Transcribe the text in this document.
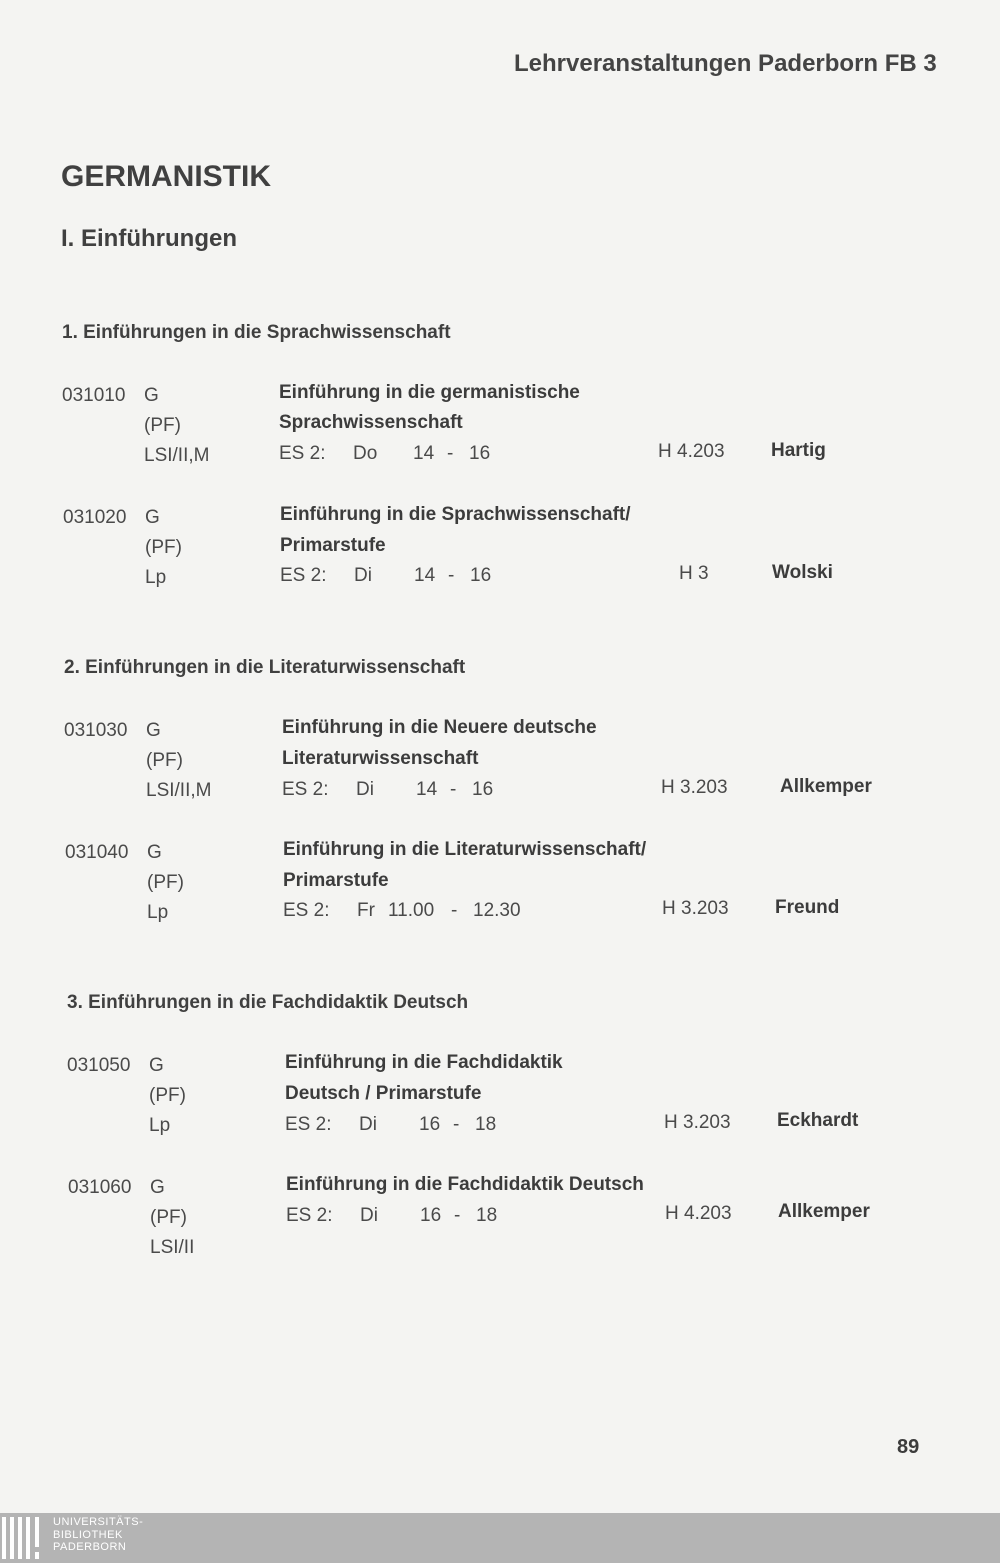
Lehrveranstaltungen Paderborn FB 3
GERMANISTIK
I. Einführungen
1. Einführungen in die Sprachwissenschaft
031010 G
(PF)
LSI/II,M
Einführung in die germanistische
Sprachwissenschaft
ES 2: Do 14 - 16	H 4.203 Hartig
031020 G
(PF)
Lp
Einführung in die Sprachwissenschaft/
Primarstufe
ES 2: Di 14 - 16	H 3	Wolski
2. Einführungen in die Literaturwissenschaft
031030 G
(PF)
LSI/II,M
Einführung in die Neuere deutsche
Literaturwissenschaft
ES 2: Di 14 - 16	H 3.203	Allkemper
031040 G
(PF)
Lp
Einführung in die Literaturwissenschaft/
Primarstufe
ES 2: Fr 11.00 - 12.30	H 3.203 Freund
3. Einführungen in die Fachdidaktik Deutsch
031050 G
(PF)
Lp
Einführung in die Fachdidaktik
Deutsch / Primarstufe
ES 2: Di 16 - 18	H 3.203 Eckhardt
031060 G
(PF)
LSI/II
Einführung in die Fachdidaktik Deutsch
ES 2: Di 16 - 18	H 4.203 Allkemper
89
UNIVERSITÄTS-
BIBLIOTHEK
PADERBORN
